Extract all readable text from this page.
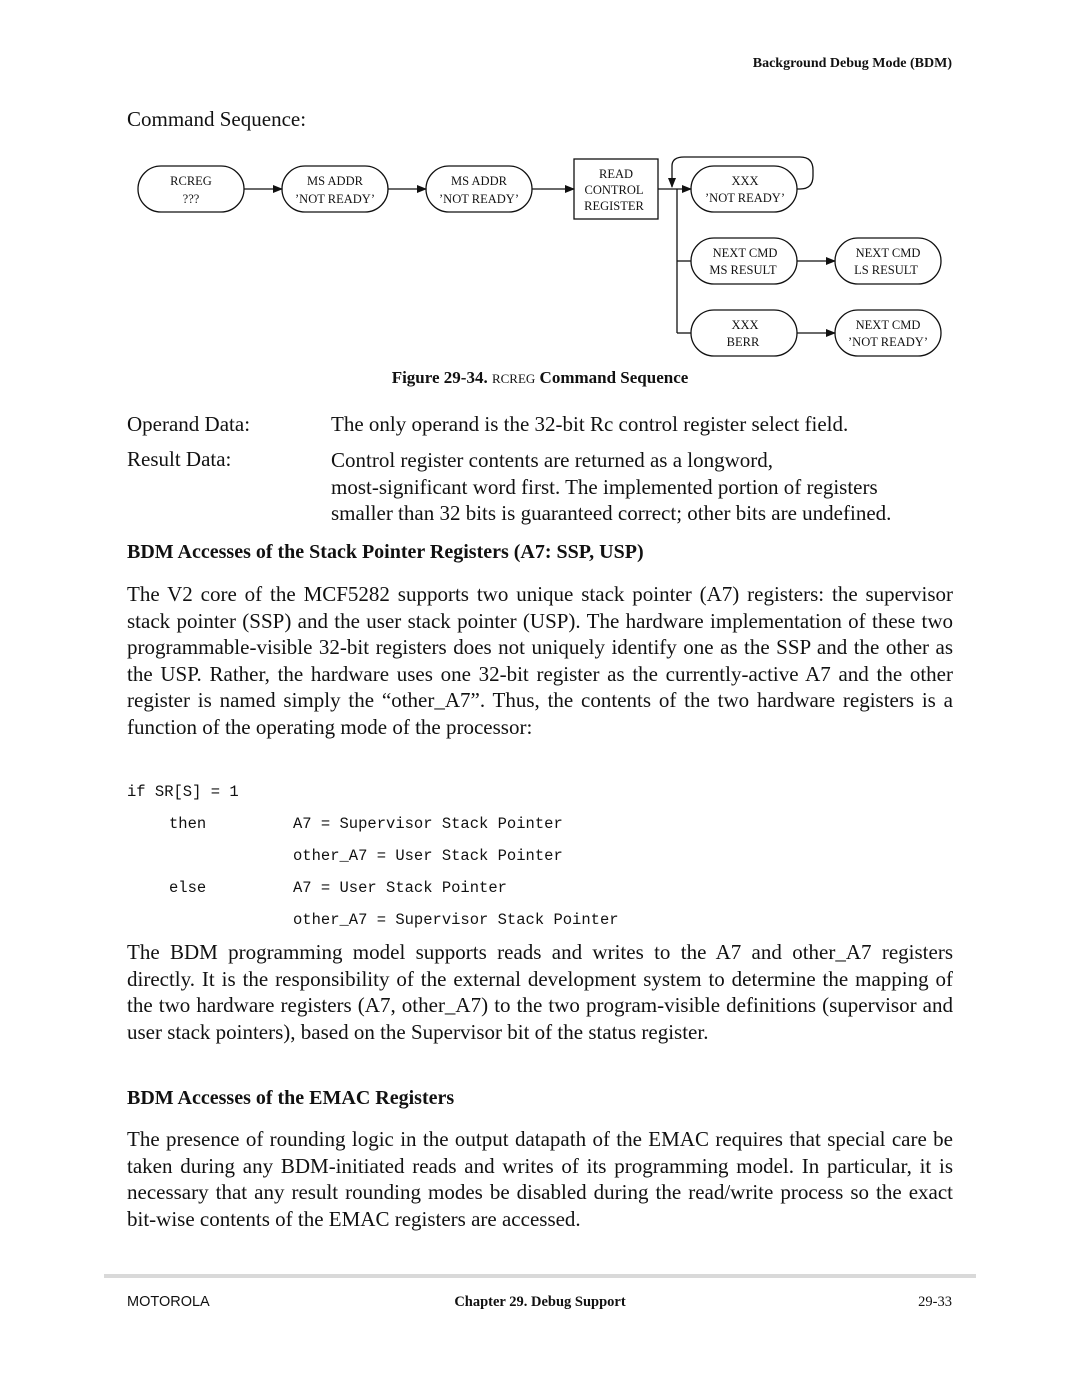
Background Debug Mode (BDM)
Command Sequence:
RCREG
???
MS ADDR
’NOT READY’
MS ADDR
’NOT READY’
READ
CONTROL
REGISTER
XXX
’NOT READY’
NEXT CMD
MS RESULT
NEXT CMD
LS RESULT
XXX
BERR
NEXT CMD
’NOT READY’
Figure 29-34. RCREG Command Sequence
Operand Data:	The only operand is the 32-bit Rc control register select field.
Result Data:	Control register contents are returned as a longword,
most-significant word first. The implemented portion of registers
smaller than 32 bits is guaranteed correct; other bits are undefined.
BDM Accesses of the Stack Pointer Registers (A7: SSP, USP)
The V2 core of the MCF5282 supports two unique stack pointer (A7) registers: the supervisor stack pointer (SSP) and the user stack pointer (USP). The hardware implementation of these two programmable-visible 32-bit registers does not uniquely identify one as the SSP and the other as the USP. Rather, the hardware uses one 32-bit register as the currently-active A7 and the other register is named simply the “other_A7”. Thus, the contents of the two hardware registers is a function of the operating mode of the processor:
if SR[S] = 1
then	A7 = Supervisor Stack Pointer
other_A7 = User Stack Pointer
else	A7 = User Stack Pointer
other_A7 = Supervisor Stack Pointer
The BDM programming model supports reads and writes to the A7 and other_A7 registers directly. It is the responsibility of the external development system to determine the mapping of the two hardware registers (A7, other_A7) to the two program-visible definitions (supervisor and user stack pointers), based on the Supervisor bit of the status register.
BDM Accesses of the EMAC Registers
The presence of rounding logic in the output datapath of the EMAC requires that special care be taken during any BDM-initiated reads and writes of its programming model. In particular, it is necessary that any result rounding modes be disabled during the read/write process so the exact bit-wise contents of the EMAC registers are accessed.
MOTOROLA	Chapter 29. Debug Support	29-33
